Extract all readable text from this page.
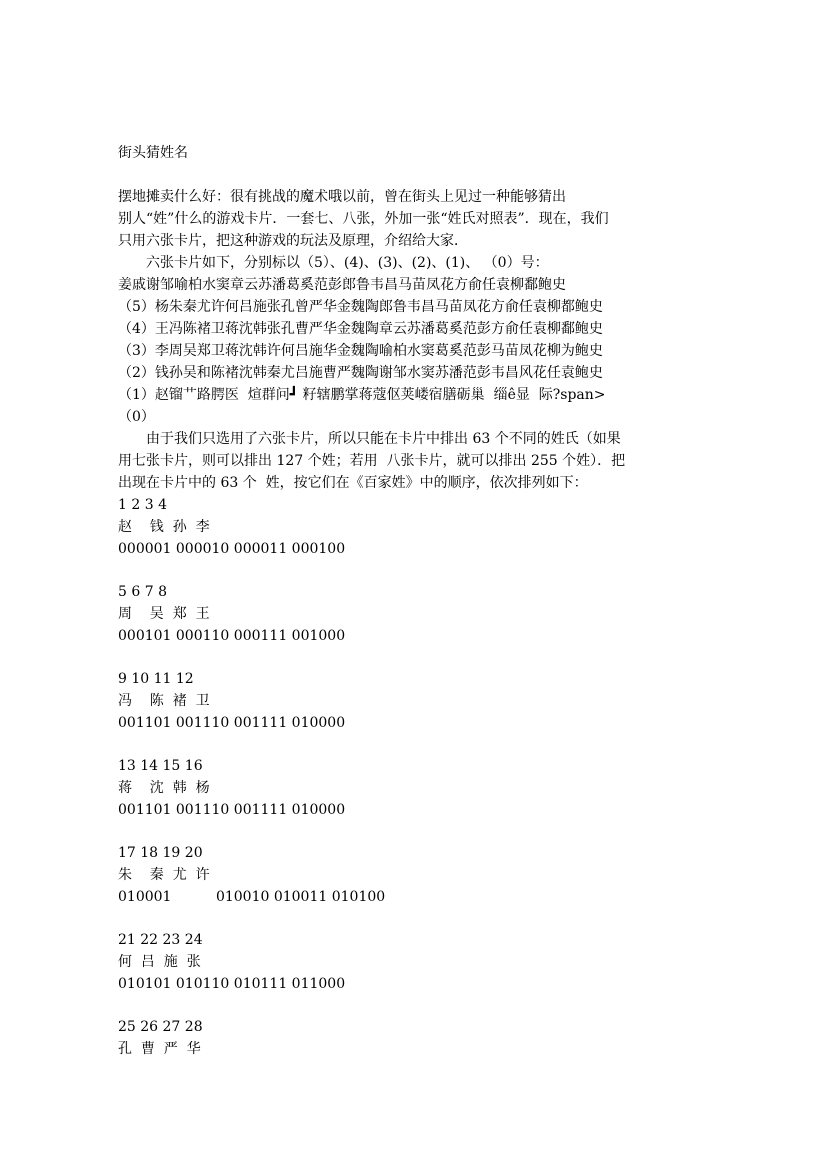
街头猜姓名
摆地摊卖什么好：很有挑战的魔术哦以前，曾在街头上见过一种能够猜出
别人“姓”什么的游戏卡片．一套七、八张，外加一张“姓氏对照表”．现在，我们
只用六张卡片，把这种游戏的玩法及原理，介绍给大家．
六张卡片如下，分别标以（5）、(4)、(3)、(2)、(1)、 （0）号：
姜戚谢邹喻柏水窦章云苏潘葛奚范彭郎鲁韦昌马苗凤花方俞任袁柳鄱鲍史
（5）杨朱秦尤许何吕施张孔曾严华金魏陶郎鲁韦昌马苗凤花方俞任袁柳都鲍史
（4）王冯陈褚卫蒋沈韩张孔曹严华金魏陶章云苏潘葛奚范彭方俞任袁柳鄱鲍史
（3）李周吴郑卫蒋沈韩许何吕施华金魏陶喻柏水窦葛奚范彭马苗凤花柳为鲍史
（2）钱孙吴和陈褚沈韩秦尤吕施曹严魏陶谢邹水窦苏潘范彭韦昌风花任袁鲍史
（1）赵镏艹路腭医  煊群问┛ 籽辖鹏掌蒋蔻伛荚嵝宿膳砺巢  缁ê显  际?span>
（0）
由于我们只选用了六张卡片，所以只能在卡片中排出 63 个不同的姓氏（如果
用七张卡片，则可以排出 127 个姓；若用  八张卡片，就可以排出 255 个姓）．把
出现在卡片中的 63 个  姓，按它们在《百家姓》中的顺序，依次排列如下：
1 2 3 4
赵    钱  孙  李
000001 000010 000011 000100
5 6 7 8
周    吴  郑  王
000101 000110 000111 001000
9 10 11 12
冯    陈  褚  卫
001101 001110 001111 010000
13 14 15 16
蒋    沈  韩  杨
001101 001110 001111 010000
17 18 19 20
朱    秦  尤  许
010001          010010 010011 010100
21 22 23 24
何  吕  施  张
010101 010110 010111 011000
25 26 27 28
孔  曹  严  华
